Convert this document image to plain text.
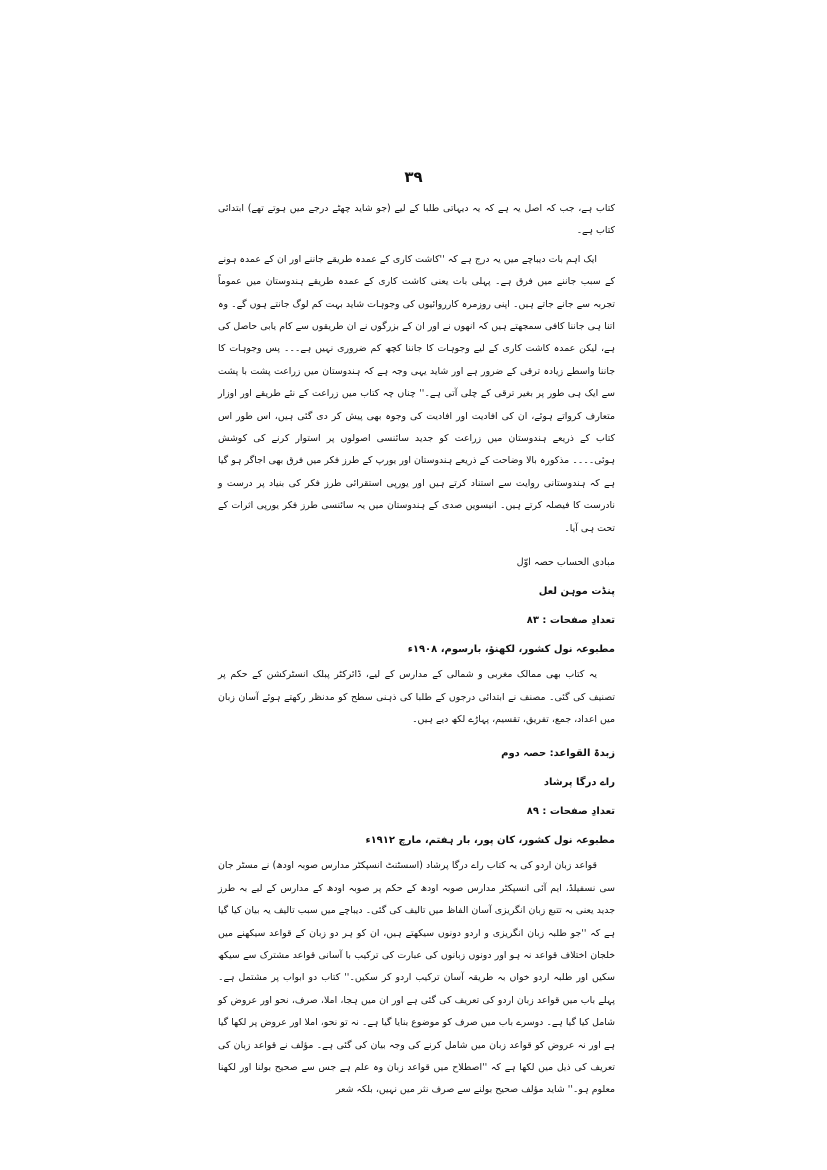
۳۹

کتاب ہے، جب کہ اصل یہ ہے کہ یہ دیہاتی طلبا کے لیے (جو شاید چھٹے درجے میں ہوتے تھے) ابتدائی کتاب ہے۔

ایک اہم بات دیباچے میں یہ درج ہے کہ ''کاشت کاری کے عمدہ طریقے جاننے اور ان کے عمدہ ہونے کے سبب جاننے میں فرق ہے۔ پہلی بات یعنی کاشت کاری کے عمدہ طریقے ہندوستان میں عموماً تجربہ سے جانے جاتے ہیں۔ اپنی روزمرہ کارروائیوں کی وجوہات شاید بہت کم لوگ جانتے ہوں گے۔ وہ اتنا ہی جاننا کافی سمجھتے ہیں کہ انھوں نے اور ان کے بزرگوں نے ان طریقوں سے کام یابی حاصل کی ہے، لیکن عمدہ کاشت کاری کے لیے وجوہات کا جاننا کچھ کم ضروری نہیں ہے۔۔۔ پس وجوہات کا جاننا واسطے زیادہ ترقی کے ضرور ہے اور شاید یہی وجہ ہے کہ ہندوستان میں زراعت پشت با پشت سے ایک ہی طور پر بغیر ترقی کے چلی آتی ہے۔'' چناں چہ کتاب میں زراعت کے نئے طریقے اور اوزار متعارف کرواتے ہوئے، ان کی افادیت اور افادیت کی وجوہ بھی پیش کر دی گئی ہیں، اس طور اس کتاب کے ذریعے ہندوستان میں زراعت کو جدید سائنسی اصولوں پر استوار کرنے کی کوشش ہوئی۔۔۔۔ مذکورہ بالا وضاحت کے ذریعے ہندوستان اور یورپ کے طرز فکر میں فرق بھی اجاگر ہو گیا ہے کہ ہندوستانی روایت سے استناد کرتے ہیں اور یورپی استقرائی طرز فکر کی بنیاد پر درست و نادرست کا فیصلہ کرتے ہیں۔ انیسویں صدی کے ہندوستان میں یہ سائنسی طرز فکر یورپی اثرات کے تحت ہی آیا۔

مبادی الحساب حصہ اوّل

پنڈت موہن لعل

تعدادِ صفحات : ۸۳

مطبوعہ نول کشور، لکھنؤ، بارسوم، ۱۹۰۸ء

یہ کتاب بھی ممالک مغربی و شمالی کے مدارس کے لیے، ڈائرکٹر پبلک انسٹرکشن کے حکم پر تصنیف کی گئی۔ مصنف نے ابتدائی درجوں کے طلبا کی ذہنی سطح کو مدنظر رکھتے ہوئے آسان زبان میں اعداد، جمع، تفریق، تقسیم، پہاڑے لکھ دیے ہیں۔

زبدۃ القواعد: حصہ دوم

راے درگا پرشاد

تعدادِ صفحات : ۸۹

مطبوعہ نول کشور، کان پور، بار ہفتم، مارچ ۱۹۱۲ء

قواعد زبان اردو کی یہ کتاب راے درگا پرشاد (اسسٹنٹ انسپکٹر مدارس صوبہ اودھ) نے مسٹر جان سی نسفیلڈ، ایم آئی انسپکٹر مدارس صوبہ اودھ کے حکم پر صوبہ اودھ کے مدارس کے لیے بہ طرز جدید یعنی بہ تتبع زبان انگریزی آسان الفاظ میں تالیف کی گئی۔ دیباچے میں سبب تالیف یہ بیان کیا گیا ہے کہ ''جو طلبہ زبان انگریزی و اردو دونوں سیکھتے ہیں، ان کو ہر دو زبان کے قواعد سیکھنے میں خلجان اختلاف قواعد نہ ہو اور دونوں زبانوں کی عبارت کی ترکیب با آسانی قواعد مشترک سے سیکھ سکیں اور طلبہ اردو خواں بہ طریقہ آسان ترکیب اردو کر سکیں۔'' کتاب دو ابواب پر مشتمل ہے۔ پہلے باب میں قواعد زبان اردو کی تعریف کی گئی ہے اور ان میں ہجا، املا، صرف، نحو اور عروض کو شامل کیا گیا ہے۔ دوسرے باب میں صرف کو موضوع بنایا گیا ہے۔ نہ تو نحو، املا اور عروض پر لکھا گیا ہے اور نہ عروض کو قواعد زبان میں شامل کرنے کی وجہ بیان کی گئی ہے۔ مؤلف نے قواعد زبان کی تعریف کی ذیل میں لکھا ہے کہ ''اصطلاح میں قواعد زبان وہ علم ہے جس سے صحیح بولنا اور لکھنا معلوم ہو۔'' شاید مؤلف صحیح بولنے سے صرف نثر میں نہیں، بلکہ شعر
